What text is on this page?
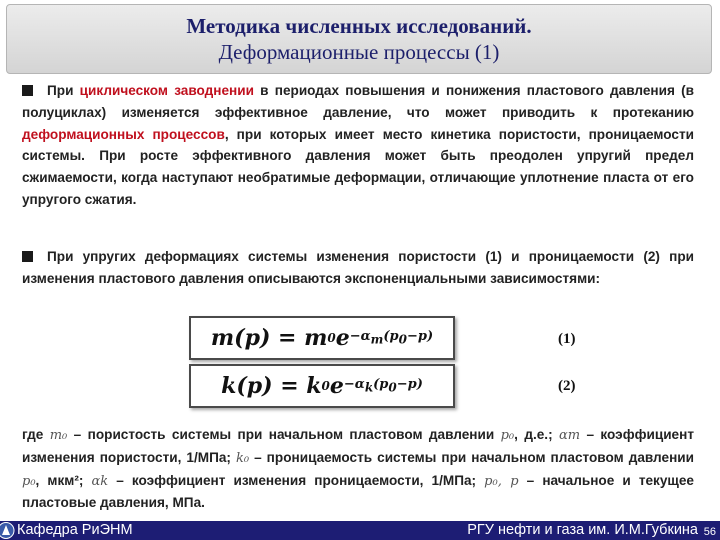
Методика численных исследований.
Деформационные процессы (1)
При циклическом заводнении в периодах повышения и понижения пластового давления (в полуциклах) изменяется эффективное давление, что может приводить к протеканию деформационных процессов, при которых имеет место кинетика пористости, проницаемости системы. При росте эффективного давления может быть преодолен упругий предел сжимаемости, когда наступают необратимые деформации, отличающие уплотнение пласта от его упругого сжатия.
При упругих деформациях системы изменения пористости (1) и проницаемости (2) при изменения пластового давления описываются экспоненциальными зависимостями:
m(p) = m 0 $e -\alpha_m(p_0-p)$	(1)
k(p) = k 0 $e -\alpha_k(p_0-p)$	(2)
где m₀ – пористость системы при начальном пластовом давлении p₀, д.е.; αm – коэффициент изменения пористости, 1/МПа; k₀ – проницаемость системы при начальном пластовом давлении p₀, мкм²; αk – коэффициент изменения проницаемости, 1/МПа; p₀, p – начальное и текущее пластовые давления, МПа.
Кафедра РиЭНМ	РГУ нефти и газа им. И.М.Губкина 56
